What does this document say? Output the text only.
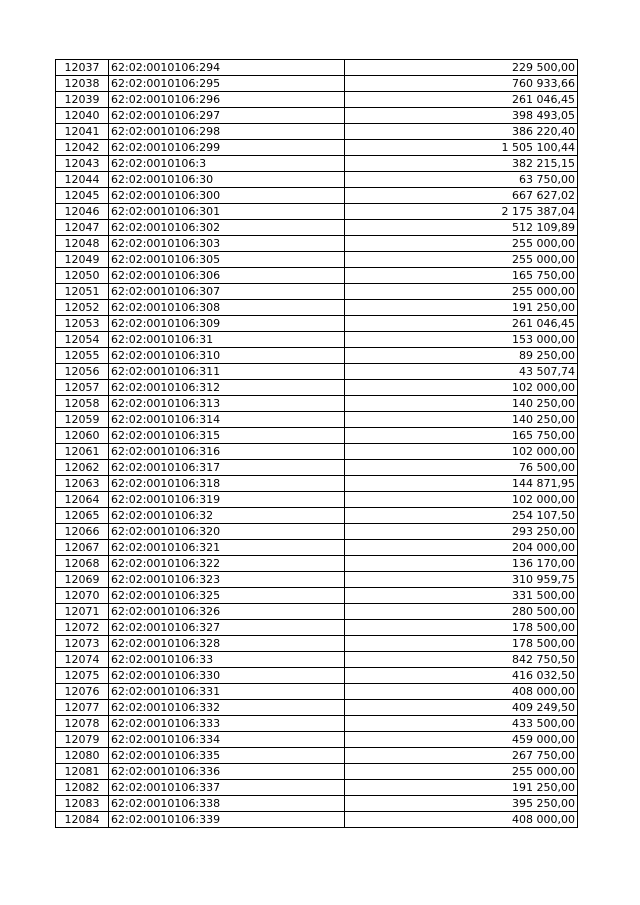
12037	62:02:0010106:294	229 500,00
12038	62:02:0010106:295	760 933,66
12039	62:02:0010106:296	261 046,45
12040	62:02:0010106:297	398 493,05
12041	62:02:0010106:298	386 220,40
12042	62:02:0010106:299	1 505 100,44
12043	62:02:0010106:3	382 215,15
12044	62:02:0010106:30	63 750,00
12045	62:02:0010106:300	667 627,02
12046	62:02:0010106:301	2 175 387,04
12047	62:02:0010106:302	512 109,89
12048	62:02:0010106:303	255 000,00
12049	62:02:0010106:305	255 000,00
12050	62:02:0010106:306	165 750,00
12051	62:02:0010106:307	255 000,00
12052	62:02:0010106:308	191 250,00
12053	62:02:0010106:309	261 046,45
12054	62:02:0010106:31	153 000,00
12055	62:02:0010106:310	89 250,00
12056	62:02:0010106:311	43 507,74
12057	62:02:0010106:312	102 000,00
12058	62:02:0010106:313	140 250,00
12059	62:02:0010106:314	140 250,00
12060	62:02:0010106:315	165 750,00
12061	62:02:0010106:316	102 000,00
12062	62:02:0010106:317	76 500,00
12063	62:02:0010106:318	144 871,95
12064	62:02:0010106:319	102 000,00
12065	62:02:0010106:32	254 107,50
12066	62:02:0010106:320	293 250,00
12067	62:02:0010106:321	204 000,00
12068	62:02:0010106:322	136 170,00
12069	62:02:0010106:323	310 959,75
12070	62:02:0010106:325	331 500,00
12071	62:02:0010106:326	280 500,00
12072	62:02:0010106:327	178 500,00
12073	62:02:0010106:328	178 500,00
12074	62:02:0010106:33	842 750,50
12075	62:02:0010106:330	416 032,50
12076	62:02:0010106:331	408 000,00
12077	62:02:0010106:332	409 249,50
12078	62:02:0010106:333	433 500,00
12079	62:02:0010106:334	459 000,00
12080	62:02:0010106:335	267 750,00
12081	62:02:0010106:336	255 000,00
12082	62:02:0010106:337	191 250,00
12083	62:02:0010106:338	395 250,00
12084	62:02:0010106:339	408 000,00
